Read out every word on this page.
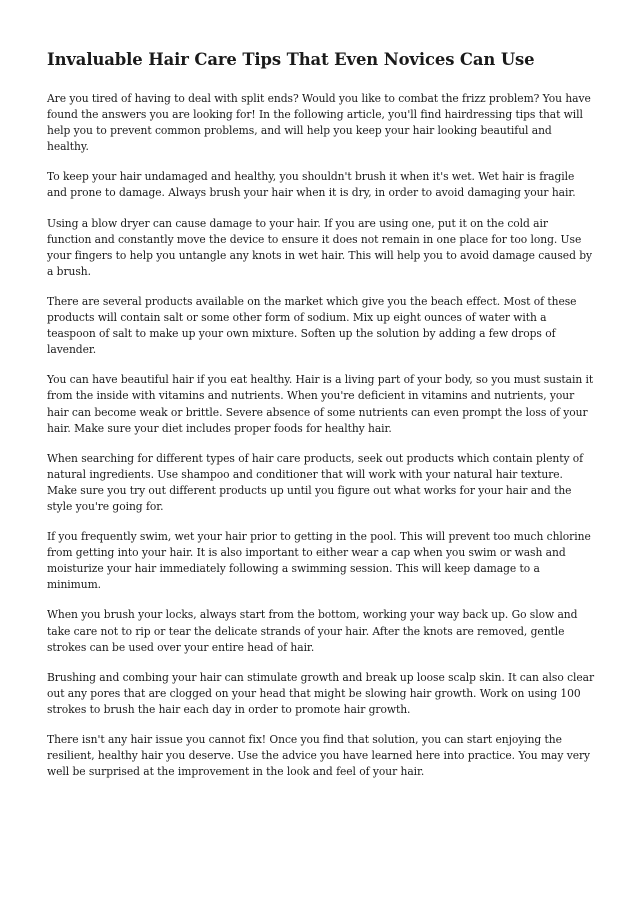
Invaluable Hair Care Tips That Even Novices Can Use

Are you tired of having to deal with split ends? Would you like to combat the frizz problem? You have found the answers you are looking for! In the following article, you'll find hairdressing tips that will help you to prevent common problems, and will help you keep your hair looking beautiful and healthy.

To keep your hair undamaged and healthy, you shouldn't brush it when it's wet. Wet hair is fragile and prone to damage. Always brush your hair when it is dry, in order to avoid damaging your hair.

Using a blow dryer can cause damage to your hair. If you are using one, put it on the cold air function and constantly move the device to ensure it does not remain in one place for too long. Use your fingers to help you untangle any knots in wet hair. This will help you to avoid damage caused by a brush.

There are several products available on the market which give you the beach effect. Most of these products will contain salt or some other form of sodium. Mix up eight ounces of water with a teaspoon of salt to make up your own mixture. Soften up the solution by adding a few drops of lavender.

You can have beautiful hair if you eat healthy. Hair is a living part of your body, so you must sustain it from the inside with vitamins and nutrients. When you're deficient in vitamins and nutrients, your hair can become weak or brittle. Severe absence of some nutrients can even prompt the loss of your hair. Make sure your diet includes proper foods for healthy hair.

When searching for different types of hair care products, seek out products which contain plenty of natural ingredients. Use shampoo and conditioner that will work with your natural hair texture. Make sure you try out different products up until you figure out what works for your hair and the style you're going for.

If you frequently swim, wet your hair prior to getting in the pool. This will prevent too much chlorine from getting into your hair. It is also important to either wear a cap when you swim or wash and moisturize your hair immediately following a swimming session. This will keep damage to a minimum.

When you brush your locks, always start from the bottom, working your way back up. Go slow and take care not to rip or tear the delicate strands of your hair. After the knots are removed, gentle strokes can be used over your entire head of hair.

Brushing and combing your hair can stimulate growth and break up loose scalp skin. It can also clear out any pores that are clogged on your head that might be slowing hair growth. Work on using 100 strokes to brush the hair each day in order to promote hair growth.

There isn't any hair issue you cannot fix! Once you find that solution, you can start enjoying the resilient, healthy hair you deserve. Use the advice you have learned here into practice. You may very well be surprised at the improvement in the look and feel of your hair.
